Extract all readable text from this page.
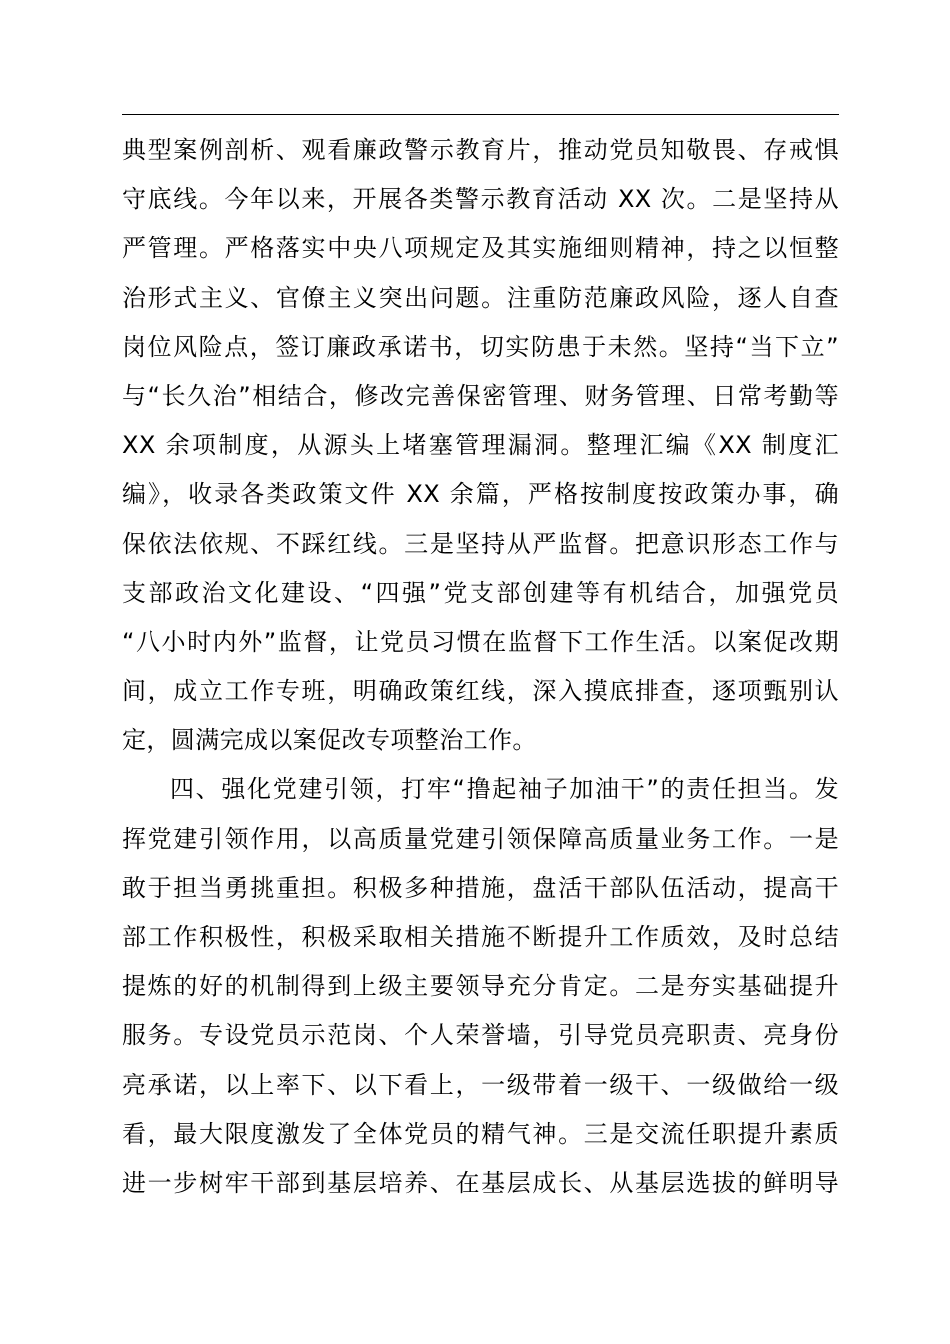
典型案例剖析、观看廉政警示教育片，推动党员知敬畏、存戒惧
守底线。今年以来，开展各类警示教育活动 XX 次。二是坚持从
严管理。严格落实中央八项规定及其实施细则精神，持之以恒整
治形式主义、官僚主义突出问题。注重防范廉政风险，逐人自查
岗位风险点，签订廉政承诺书，切实防患于未然。坚持“当下立”
与“长久治”相结合，修改完善保密管理、财务管理、日常考勤等
XX 余项制度，从源头上堵塞管理漏洞。整理汇编《XX 制度汇
编》，收录各类政策文件 XX 余篇，严格按制度按政策办事，确
保依法依规、不踩红线。三是坚持从严监督。把意识形态工作与
支部政治文化建设、“四强”党支部创建等有机结合，加强党员
“八小时内外”监督，让党员习惯在监督下工作生活。以案促改期
间，成立工作专班，明确政策红线，深入摸底排查，逐项甄别认
定，圆满完成以案促改专项整治工作。
四、强化党建引领，打牢“撸起袖子加油干”的责任担当。发
挥党建引领作用，以高质量党建引领保障高质量业务工作。一是
敢于担当勇挑重担。积极多种措施，盘活干部队伍活动，提高干
部工作积极性，积极采取相关措施不断提升工作质效，及时总结
提炼的好的机制得到上级主要领导充分肯定。二是夯实基础提升
服务。专设党员示范岗、个人荣誉墙，引导党员亮职责、亮身份
亮承诺，以上率下、以下看上，一级带着一级干、一级做给一级
看，最大限度激发了全体党员的精气神。三是交流任职提升素质
进一步树牢干部到基层培养、在基层成长、从基层选拔的鲜明导
